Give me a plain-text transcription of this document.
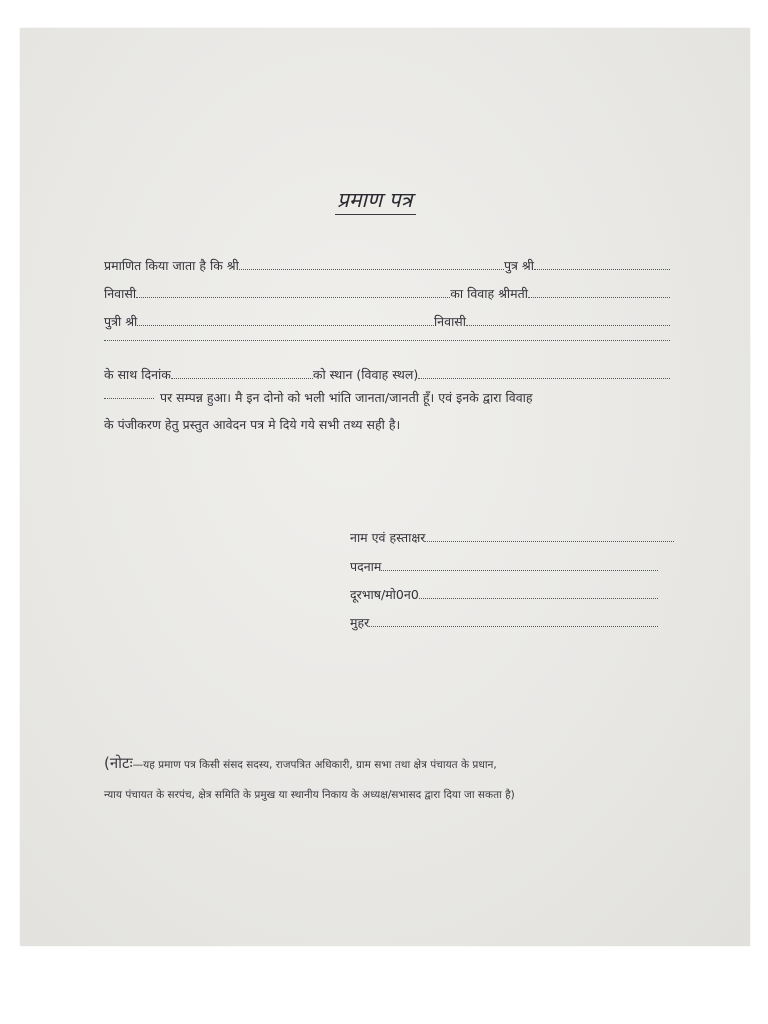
प्रमाण पत्र
प्रमाणित किया जाता है कि श्री	पुत्र श्री
निवासी	का विवाह श्रीमती
पुत्री श्री	निवासी
के साथ दिनांक	को स्थान (विवाह स्थल)
पर सम्पन्न हुआ। मै इन दोनो को भली भांति जानता/जानती हूँ। एवं इनके द्वारा विवाह
के पंजीकरण हेतु प्रस्तुत आवेदन पत्र मे दिये गये सभी तथ्य सही है।
नाम एवं हस्ताक्षर
पदनाम
दूरभाष/मो0न0
मुहर
(नोटः—यह प्रमाण पत्र किसी संसद सदस्य, राजपत्रित अधिकारी, ग्राम सभा तथा क्षेत्र पंचायत के प्रधान,
न्याय पंचायत के सरपंच, क्षेत्र समिति के प्रमुख या स्थानीय निकाय के अध्यक्ष/सभासद द्वारा दिया जा सकता है)
